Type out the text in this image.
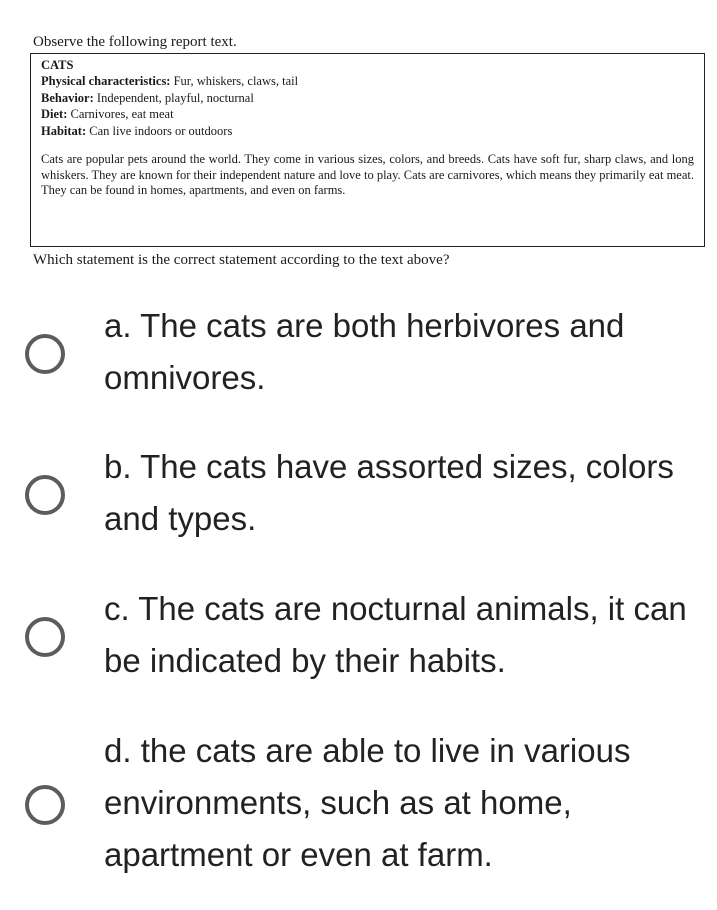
Observe the following report text.
CATS
Physical characteristics: Fur, whiskers, claws, tail
Behavior: Independent, playful, nocturnal
Diet: Carnivores, eat meat
Habitat: Can live indoors or outdoors
Cats are popular pets around the world. They come in various sizes, colors, and breeds. Cats have soft fur, sharp claws, and long whiskers. They are known for their independent nature and love to play. Cats are carnivores, which means they primarily eat meat. They can be found in homes, apartments, and even on farms.
Which statement is the correct statement according to the text above?
a. The cats are both herbivores and omnivores.
b. The cats have assorted sizes, colors and types.
c. The cats are nocturnal animals, it can be indicated by their habits.
d. the cats are able to live in various environments, such as at home, apartment or even at farm.
